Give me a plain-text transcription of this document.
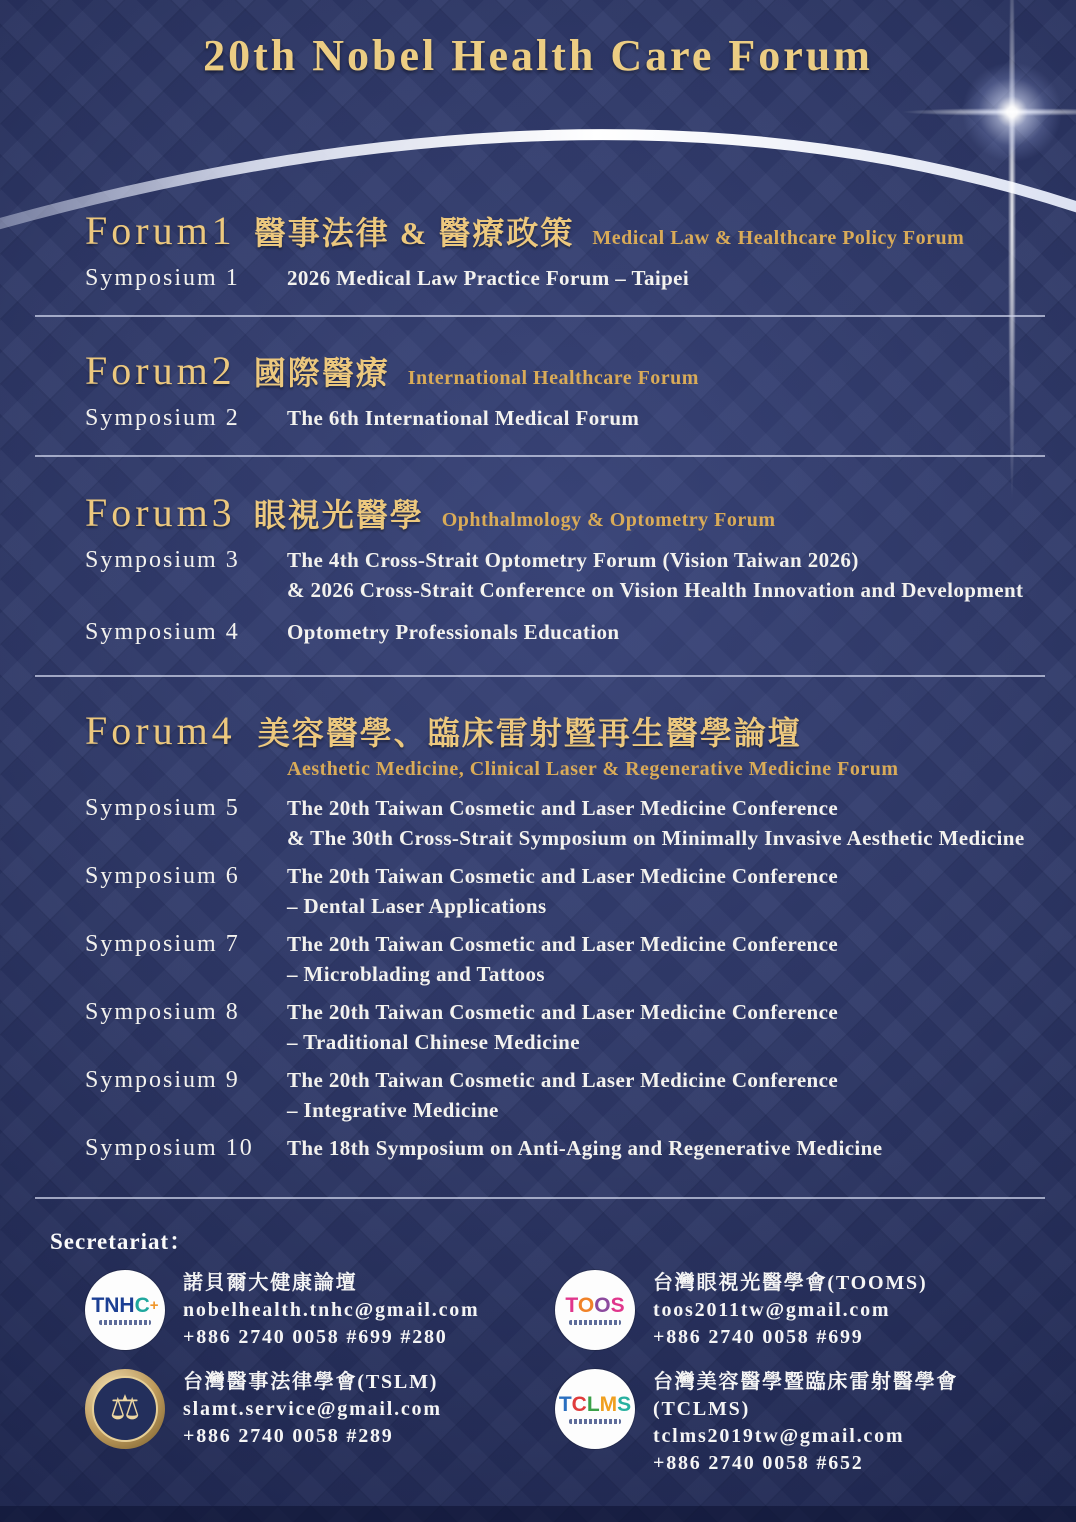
20th Nobel Health Care Forum
Forum1 醫事法律 & 醫療政策 Medical Law & Healthcare Policy Forum
Symposium 1	2026 Medical Law Practice Forum – Taipei
Forum2 國際醫療 International Healthcare Forum
Symposium 2	The 6th International Medical Forum
Forum3 眼視光醫學 Ophthalmology & Optometry Forum
Symposium 3	The 4th Cross-Strait Optometry Forum (Vision Taiwan 2026)
& 2026 Cross-Strait Conference on Vision Health Innovation and Development
Symposium 4	Optometry Professionals Education
Forum4 美容醫學、臨床雷射暨再生醫學論壇
Aesthetic Medicine, Clinical Laser & Regenerative Medicine Forum
Symposium 5	The 20th Taiwan Cosmetic and Laser Medicine Conference
& The 30th Cross-Strait Symposium on Minimally Invasive Aesthetic Medicine
Symposium 6	The 20th Taiwan Cosmetic and Laser Medicine Conference
– Dental Laser Applications
Symposium 7	The 20th Taiwan Cosmetic and Laser Medicine Conference
– Microblading and Tattoos
Symposium 8	The 20th Taiwan Cosmetic and Laser Medicine Conference
– Traditional Chinese Medicine
Symposium 9	The 20th Taiwan Cosmetic and Laser Medicine Conference
– Integrative Medicine
Symposium 10	The 18th Symposium on Anti-Aging and Regenerative Medicine
Secretariat：
TNHC+
諾貝爾大健康論壇
nobelhealth.tnhc@gmail.com
+886 2740 0058 #699 #280
TOOS
台灣眼視光醫學會(TOOMS)
toos2011tw@gmail.com
+886 2740 0058 #699
⚖
台灣醫事法律學會(TSLM)
slamt.service@gmail.com
+886 2740 0058 #289
TCLMS
台灣美容醫學暨臨床雷射醫學會(TCLMS)
tclms2019tw@gmail.com
+886 2740 0058 #652
